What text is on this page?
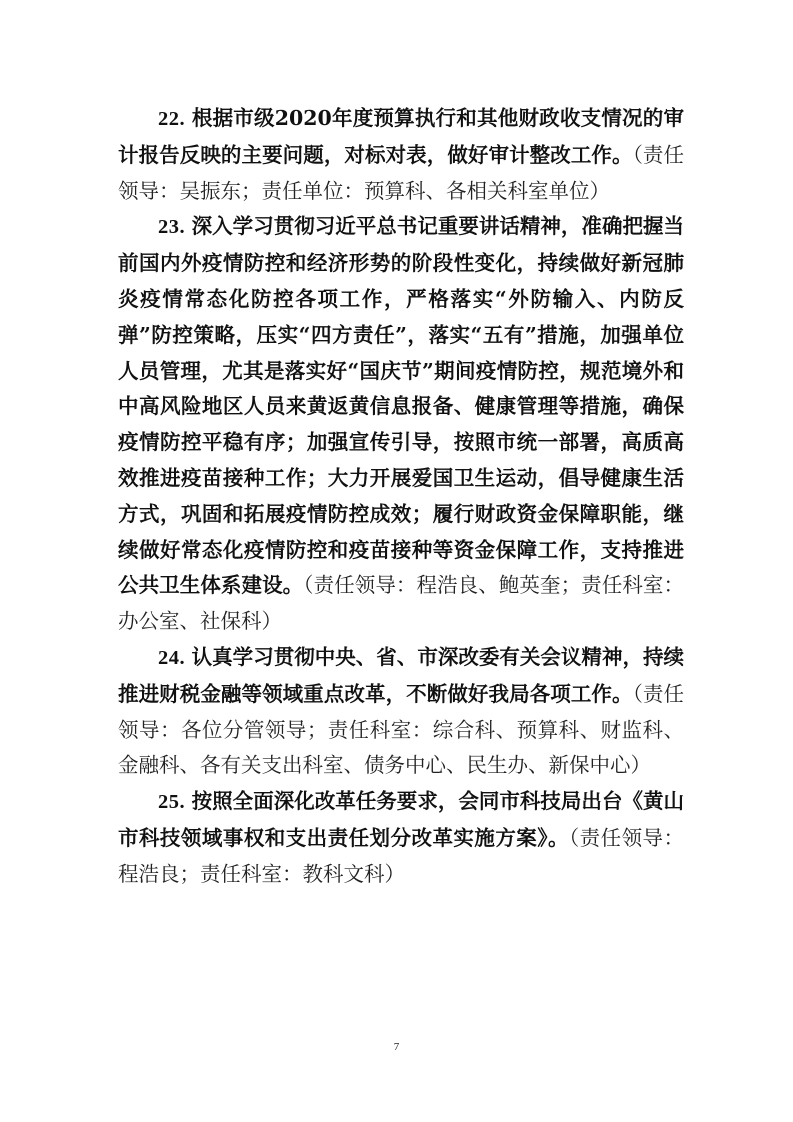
22. 根据市级2020年度预算执行和其他财政收支情况的审计报告反映的主要问题，对标对表，做好审计整改工作。（责任领导：吴振东；责任单位：预算科、各相关科室单位）

23. 深入学习贯彻习近平总书记重要讲话精神，准确把握当前国内外疫情防控和经济形势的阶段性变化，持续做好新冠肺炎疫情常态化防控各项工作，严格落实“外防输入、内防反弹”防控策略，压实“四方责任”，落实“五有”措施，加强单位人员管理，尤其是落实好“国庆节”期间疫情防控，规范境外和中高风险地区人员来黄返黄信息报备、健康管理等措施，确保疫情防控平稳有序；加强宣传引导，按照市统一部署，高质高效推进疫苗接种工作；大力开展爱国卫生运动，倡导健康生活方式，巩固和拓展疫情防控成效；履行财政资金保障职能，继续做好常态化疫情防控和疫苗接种等资金保障工作，支持推进公共卫生体系建设。（责任领导：程浩良、鲍英奎；责任科室：办公室、社保科）

24. 认真学习贯彻中央、省、市深改委有关会议精神，持续推进财税金融等领域重点改革，不断做好我局各项工作。（责任领导：各位分管领导；责任科室：综合科、预算科、财监科、金融科、各有关支出科室、债务中心、民生办、新保中心）

25. 按照全面深化改革任务要求，会同市科技局出台《黄山市科技领域事权和支出责任划分改革实施方案》。（责任领导：程浩良；责任科室：教科文科）

7
